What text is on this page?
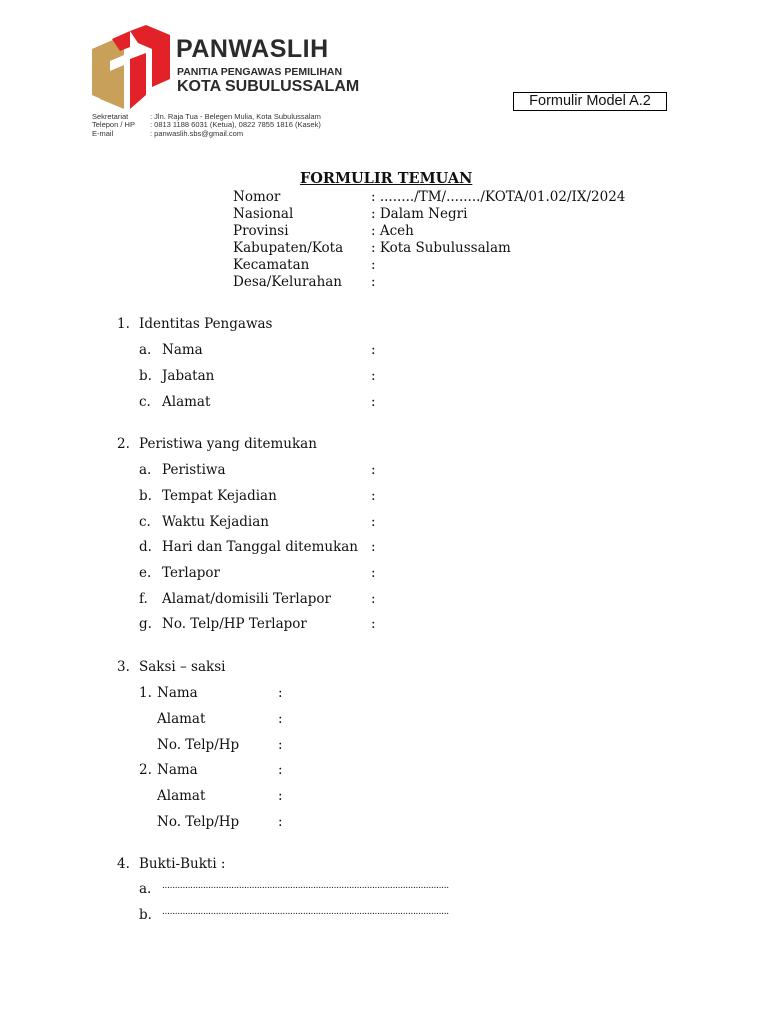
PANWASLIH
PANITIA PENGAWAS PEMILIHAN
KOTA SUBULUSSALAM
Sekretariat	: Jln. Raja Tua - Belegen Mulia, Kota Subulussalam
Telepon / HP : 0813 1188 6031 (Ketua), 0822 7855 1816 (Kasek)
E-mail	: panwaslih.sbs@gmail.com
Formulir Model A.2
FORMULIR TEMUAN
Nomor	: ......../TM/......../KOTA/01.02/IX/2024
Nasional	: Dalam Negri
Provinsi	: Aceh
Kabupaten/Kota : Kota Subulussalam
Kecamatan	:
Desa/Kelurahan :
1. Identitas Pengawas
a. Nama	:
b. Jabatan	:
c. Alamat	:
2. Peristiwa yang ditemukan
a. Peristiwa	:
b. Tempat Kejadian	:
c. Waktu Kejadian	:
d. Hari dan Tanggal ditemukan :
e. Terlapor	:
f. Alamat/domisili Terlapor	:
g. No. Telp/HP Terlapor	:
3. Saksi – saksi
1. Nama	:
Alamat	:
No. Telp/Hp	:
2. Nama	:
Alamat	:
No. Telp/Hp	:
4. Bukti-Bukti :
a. ................................................................................................................
b. ................................................................................................................
